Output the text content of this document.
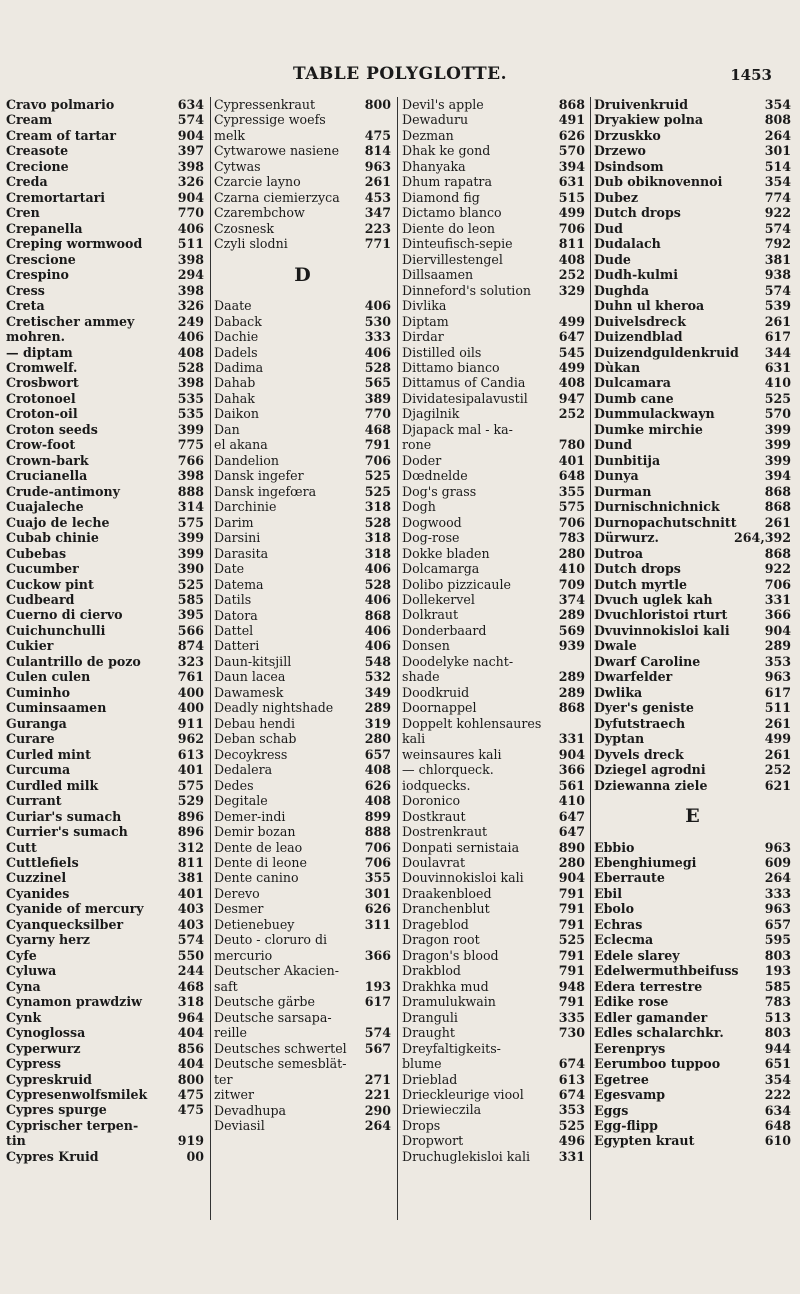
TABLE POLYGLOTTE.	1453
Cravo polmario	634
Cream	574
Cream of tartar	904
Creasote	397
Crecione	398
Creda	326
Cremortartari	904
Cren	770
Crepanella	406
Creping wormwood	511
Crescione	398
Crespino	294
Cress	398
Creta	326
Cretischer ammey	249
mohren.	406
— diptam	408
Cromwelf.	528
Crosbwort	398
Crotonoel	535
Croton-oil	535
Croton seeds	399
Crow-foot	775
Crown-bark	766
Crucianella	398
Crude-antimony	888
Cuajaleche	314
Cuajo de leche	575
Cubab chinie	399
Cubebas	399
Cucumber	390
Cuckow pint	525
Cudbeard	585
Cuerno di ciervo	395
Cuichunchulli	566
Cukier	874
Culantrillo de pozo	323
Culen culen	761
Cuminho	400
Cuminsaamen	400
Guranga	911
Curare	962
Curled mint	613
Curcuma	401
Curdled milk	575
Currant	529
Curiar's sumach	896
Currier's sumach	896
Cutt	312
Cuttlefiels	811
Cuzzinel	381
Cyanides	401
Cyanide of mercury	403
Cyanquecksilber	403
Cyarny herz	574
Cyfe	550
Cyluwa	244
Cyna	468
Cynamon prawdziw	318
Cynk	964
Cynoglossa	404
Cyperwurz	856
Cypress	404
Cypreskruid	800
Cypresenwolfsmilek 475
Cypres spurge	475
Cyprischer terpen-
tin	919
Cypres Kruid	00
Cypressenkraut	800
Cypressige woefs
melk	475
Cytwarowe nasiene 814
Cytwas	963
Czarcie layno	261
Czarna ciemierzyca 453
Czarembchow	347
Czosnesk	223
Czyli slodni	771
D
Daate	406
Daback	530
Dachie	333
Dadels	406
Dadima	528
Dahab	565
Dahak	389
Daikon	770
Dan	468
el akana	791
Dandelion	706
Dansk ingefer	525
Dansk ingefœra	525
Darchinie	318
Darim	528
Darsini	318
Darasita	318
Date	406
Datema	528
Datils	406
Datora	868
Dattel	406
Datteri	406
Daun-kitsjill	548
Daun lacea	532
Dawamesk	349
Deadly nightshade 289
Debau hendi	319
Deban schab	280
Decoykress	657
Dedalera	408
Dedes	626
Degitale	408
Demer-indi	899
Demir bozan	888
Dente de leao	706
Dente di leone	706
Dente canino	355
Derevo	301
Desmer	626
Detienebuey	311
Deuto - cloruro di
mercurio	366
Deutscher Akacien-
saft	193
Deutsche gärbe	617
Deutsche sarsapa-
reille	574
Deutsches schwertel 567
Deutsche semesblät-
ter	271
zitwer	221
Devadhupa	290
Deviasil	264
Devil's apple	868
Dewaduru	491
Dezman	626
Dhak ke gond	570
Dhanyaka	394
Dhum rapatra	631
Diamond fig	515
Dictamo blanco	499
Diente do leon	706
Dinteufisch-sepie	811
Diervillestengel	408
Dillsaamen	252
Dinneford's solution 329
Divlika
Diptam	499
Dirdar	647
Distilled oils	545
Dittamo bianco	499
Dittamus of Candia	408
Dividatesipalavustil 947
Djagilnik	252
Djapack mal - ka-
rone	780
Doder	401
Dœdnelde	648
Dog's grass	355
Dogh	575
Dogwood	706
Dog-rose	783
Dokke bladen	280
Dolcamarga	410
Dolibo pizzicaule	709
Dollekervel	374
Dolkraut	289
Donderbaard	569
Donsen	939
Doodelyke nacht-
shade	289
Doodkruid	289
Doornappel	868
Doppelt kohlensaures
kali	331
weinsaures kali	904
— chlorqueck.	366
iodquecks.	561
Doronico	410
Dostkraut	647
Dostrenkraut	647
Donpati sernistaia	890
Doulavrat	280
Douvinnokisloi kali	904
Draakenbloed	791
Dranchenblut	791
Drageblod	791
Dragon root	525
Dragon's blood	791
Drakblod	791
Drakhka mud	948
Dramulukwain	791
Dranguli	335
Draught	730
Dreyfaltigkeits-
blume	674
Drieblad	613
Drieckleurige viool	674
Driewieczila	353
Drops	525
Dropwort	496
Druchuglekisloi kali 331
Druivenkruid	354
Dryakiew polna	808
Drzuskko	264
Drzewo	301
Dsindsom	514
Dub obiknovennoi	354
Dubez	774
Dutch drops	922
Dud	574
Dudalach	792
Dude	381
Dudh-kulmi	938
Dughda	574
Duhn ul kheroa	539
Duivelsdreck	261
Duizendblad	617
Duizendguldenkruid 344
Dùkan	631
Dulcamara	410
Dumb cane	525
Dummulackwayn	570
Dumke mirchie	399
Dund	399
Dunbitija	399
Dunya	394
Durman	868
Durnischnichnick	868
Durnopachutschnitt 261
Dürwurz.	264,392
Dutroa	868
Dutch drops	922
Dutch myrtle	706
Dvuch uglek kah	331
Dvuchloristoi rturt	366
Dvuvinnokisloi kali	904
Dwale	289
Dwarf Caroline	353
Dwarfelder	963
Dwlika	617
Dyer's geniste	511
Dyfutstraech	261
Dyptan	499
Dyvels dreck	261
Dziegel agrodni	252
Dziewanna ziele	621
E
Ebbio	963
Ebenghiumegi	609
Eberraute	264
Ebil	333
Ebolo	963
Echras	657
Eclecma	595
Edele slarey	803
Edelwermuthbeifuss 193
Edera terrestre	585
Edike rose	783
Edler gamander	513
Edles schalarchkr.	803
Eerenprys	944
Eerumboo tuppoo	651
Egetree	354
Egesvamp	222
Eggs	634
Egg-flipp	648
Egypten kraut	610
